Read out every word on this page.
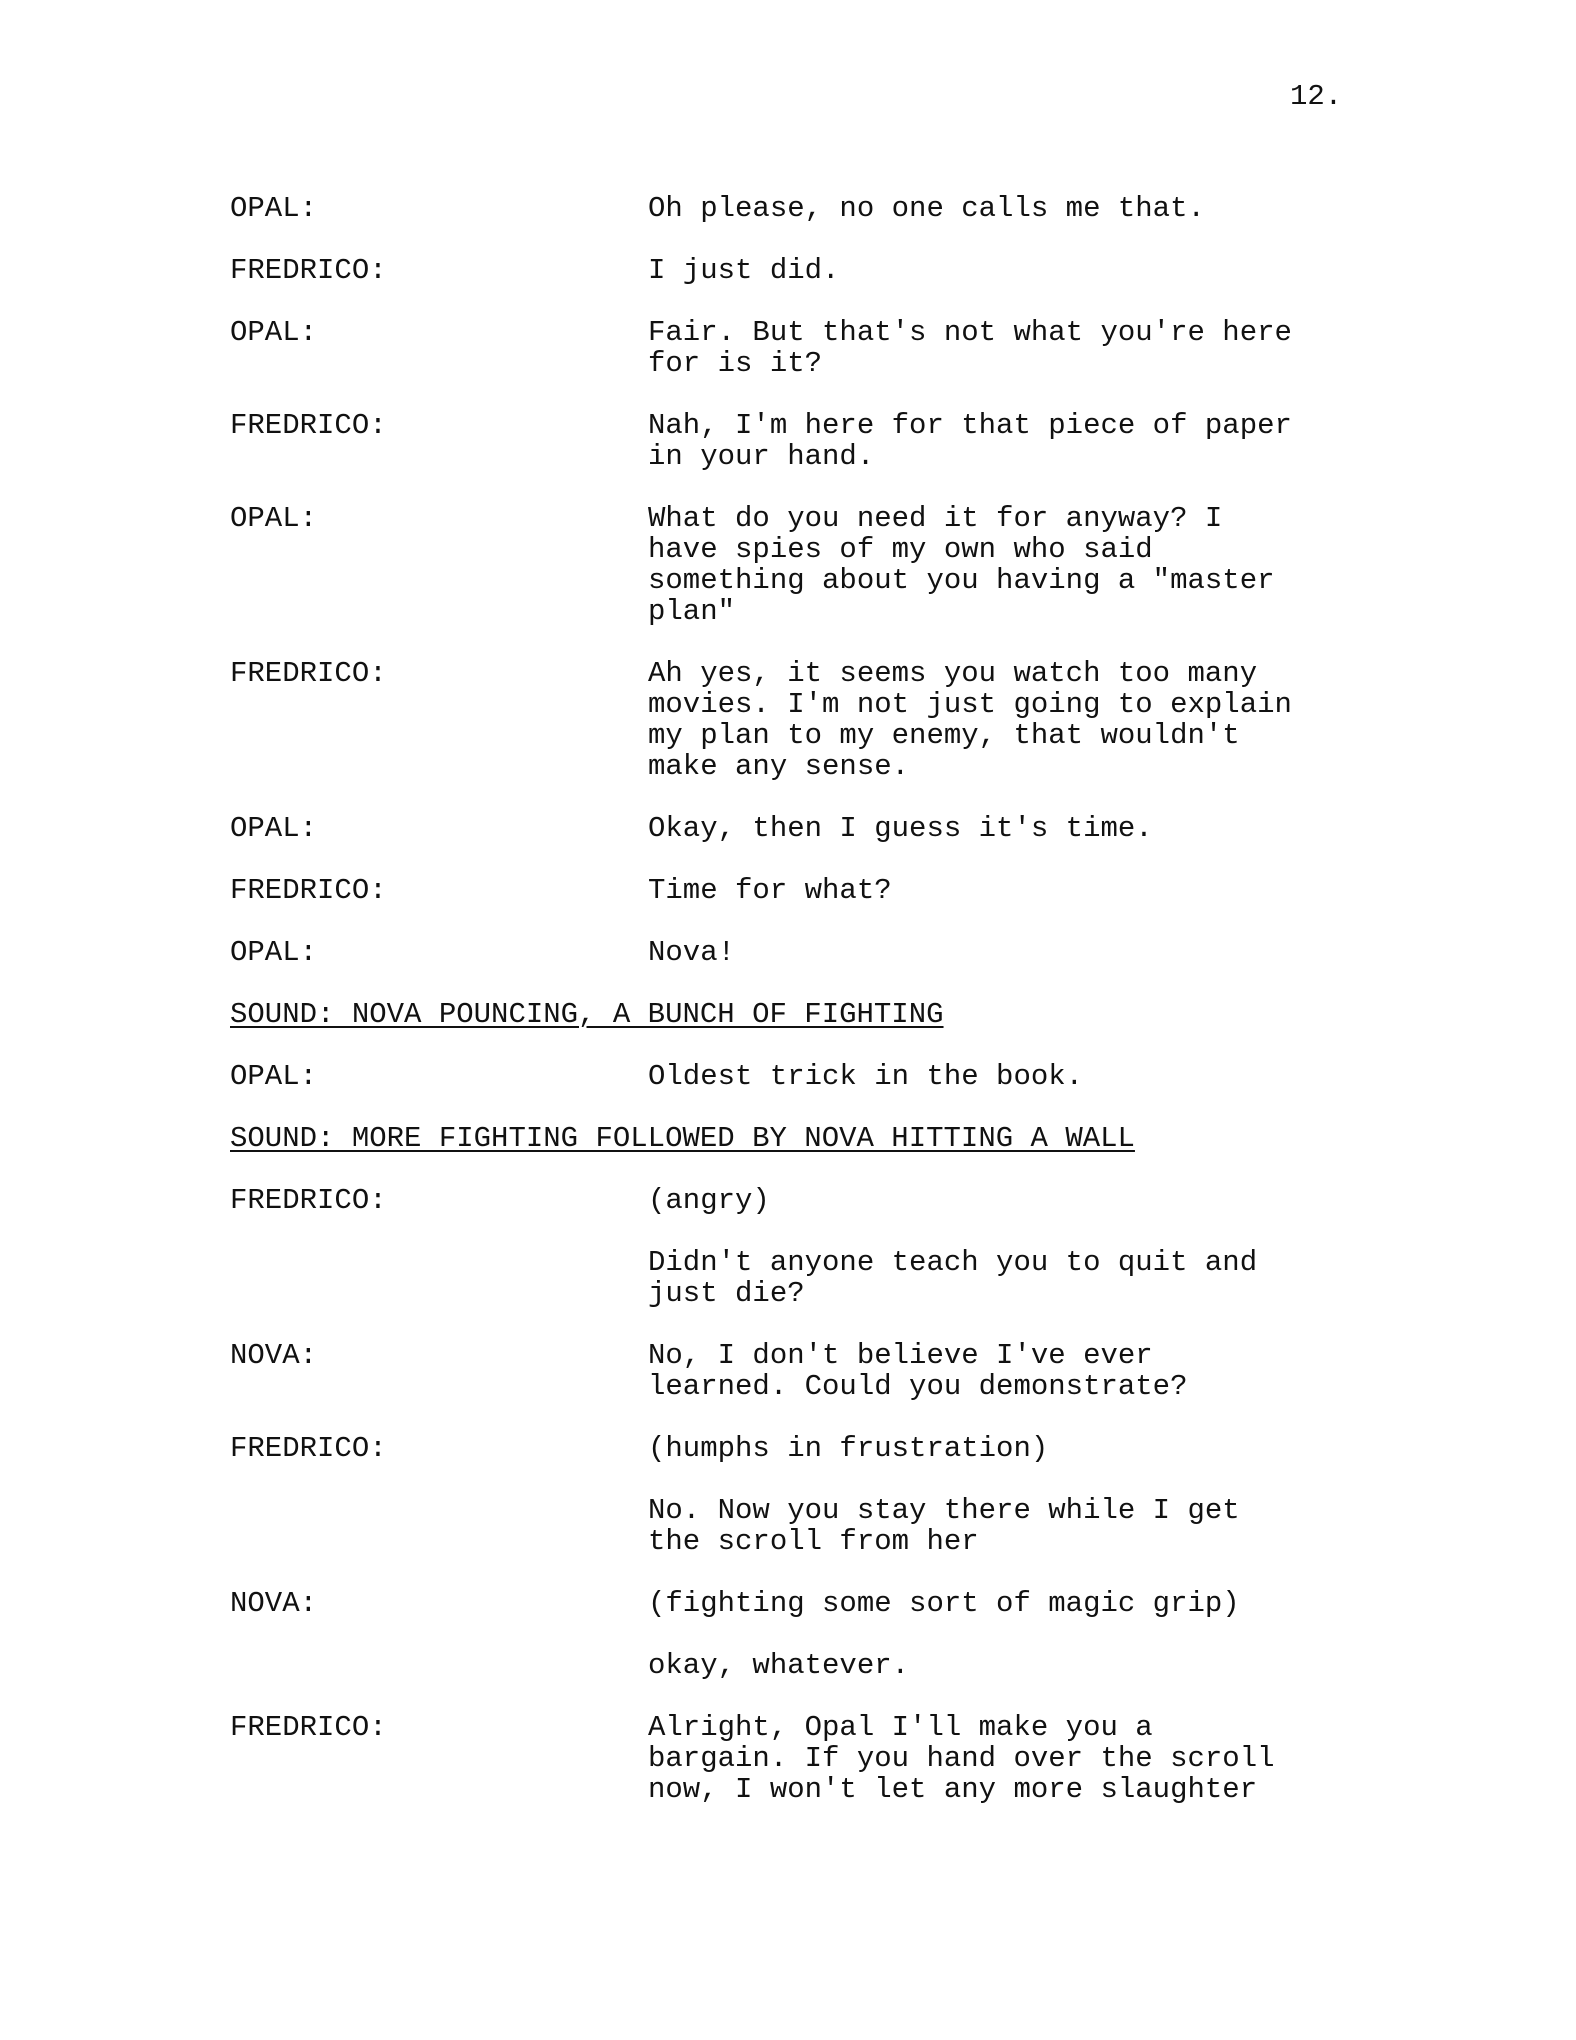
12.
OPAL:	Oh please, no one calls me that.
FREDRICO:	I just did.
OPAL:	Fair. But that's not what you're here
for is it?
FREDRICO:	Nah, I'm here for that piece of paper
in your hand.
OPAL:	What do you need it for anyway? I
have spies of my own who said
something about you having a "master
plan"
FREDRICO:	Ah yes, it seems you watch too many
movies. I'm not just going to explain
my plan to my enemy, that wouldn't
make any sense.
OPAL:	Okay, then I guess it's time.
FREDRICO:	Time for what?
OPAL:	Nova!
SOUND: NOVA POUNCING, A BUNCH OF FIGHTING
OPAL:	Oldest trick in the book.
SOUND: MORE FIGHTING FOLLOWED BY NOVA HITTING A WALL
FREDRICO:	(angry)
Didn't anyone teach you to quit and
just die?
NOVA:	No, I don't believe I've ever
learned. Could you demonstrate?
FREDRICO:	(humphs in frustration)
No. Now you stay there while I get
the scroll from her
NOVA:	(fighting some sort of magic grip)
okay, whatever.
FREDRICO:	Alright, Opal I'll make you a
bargain. If you hand over the scroll
now, I won't let any more slaughter
